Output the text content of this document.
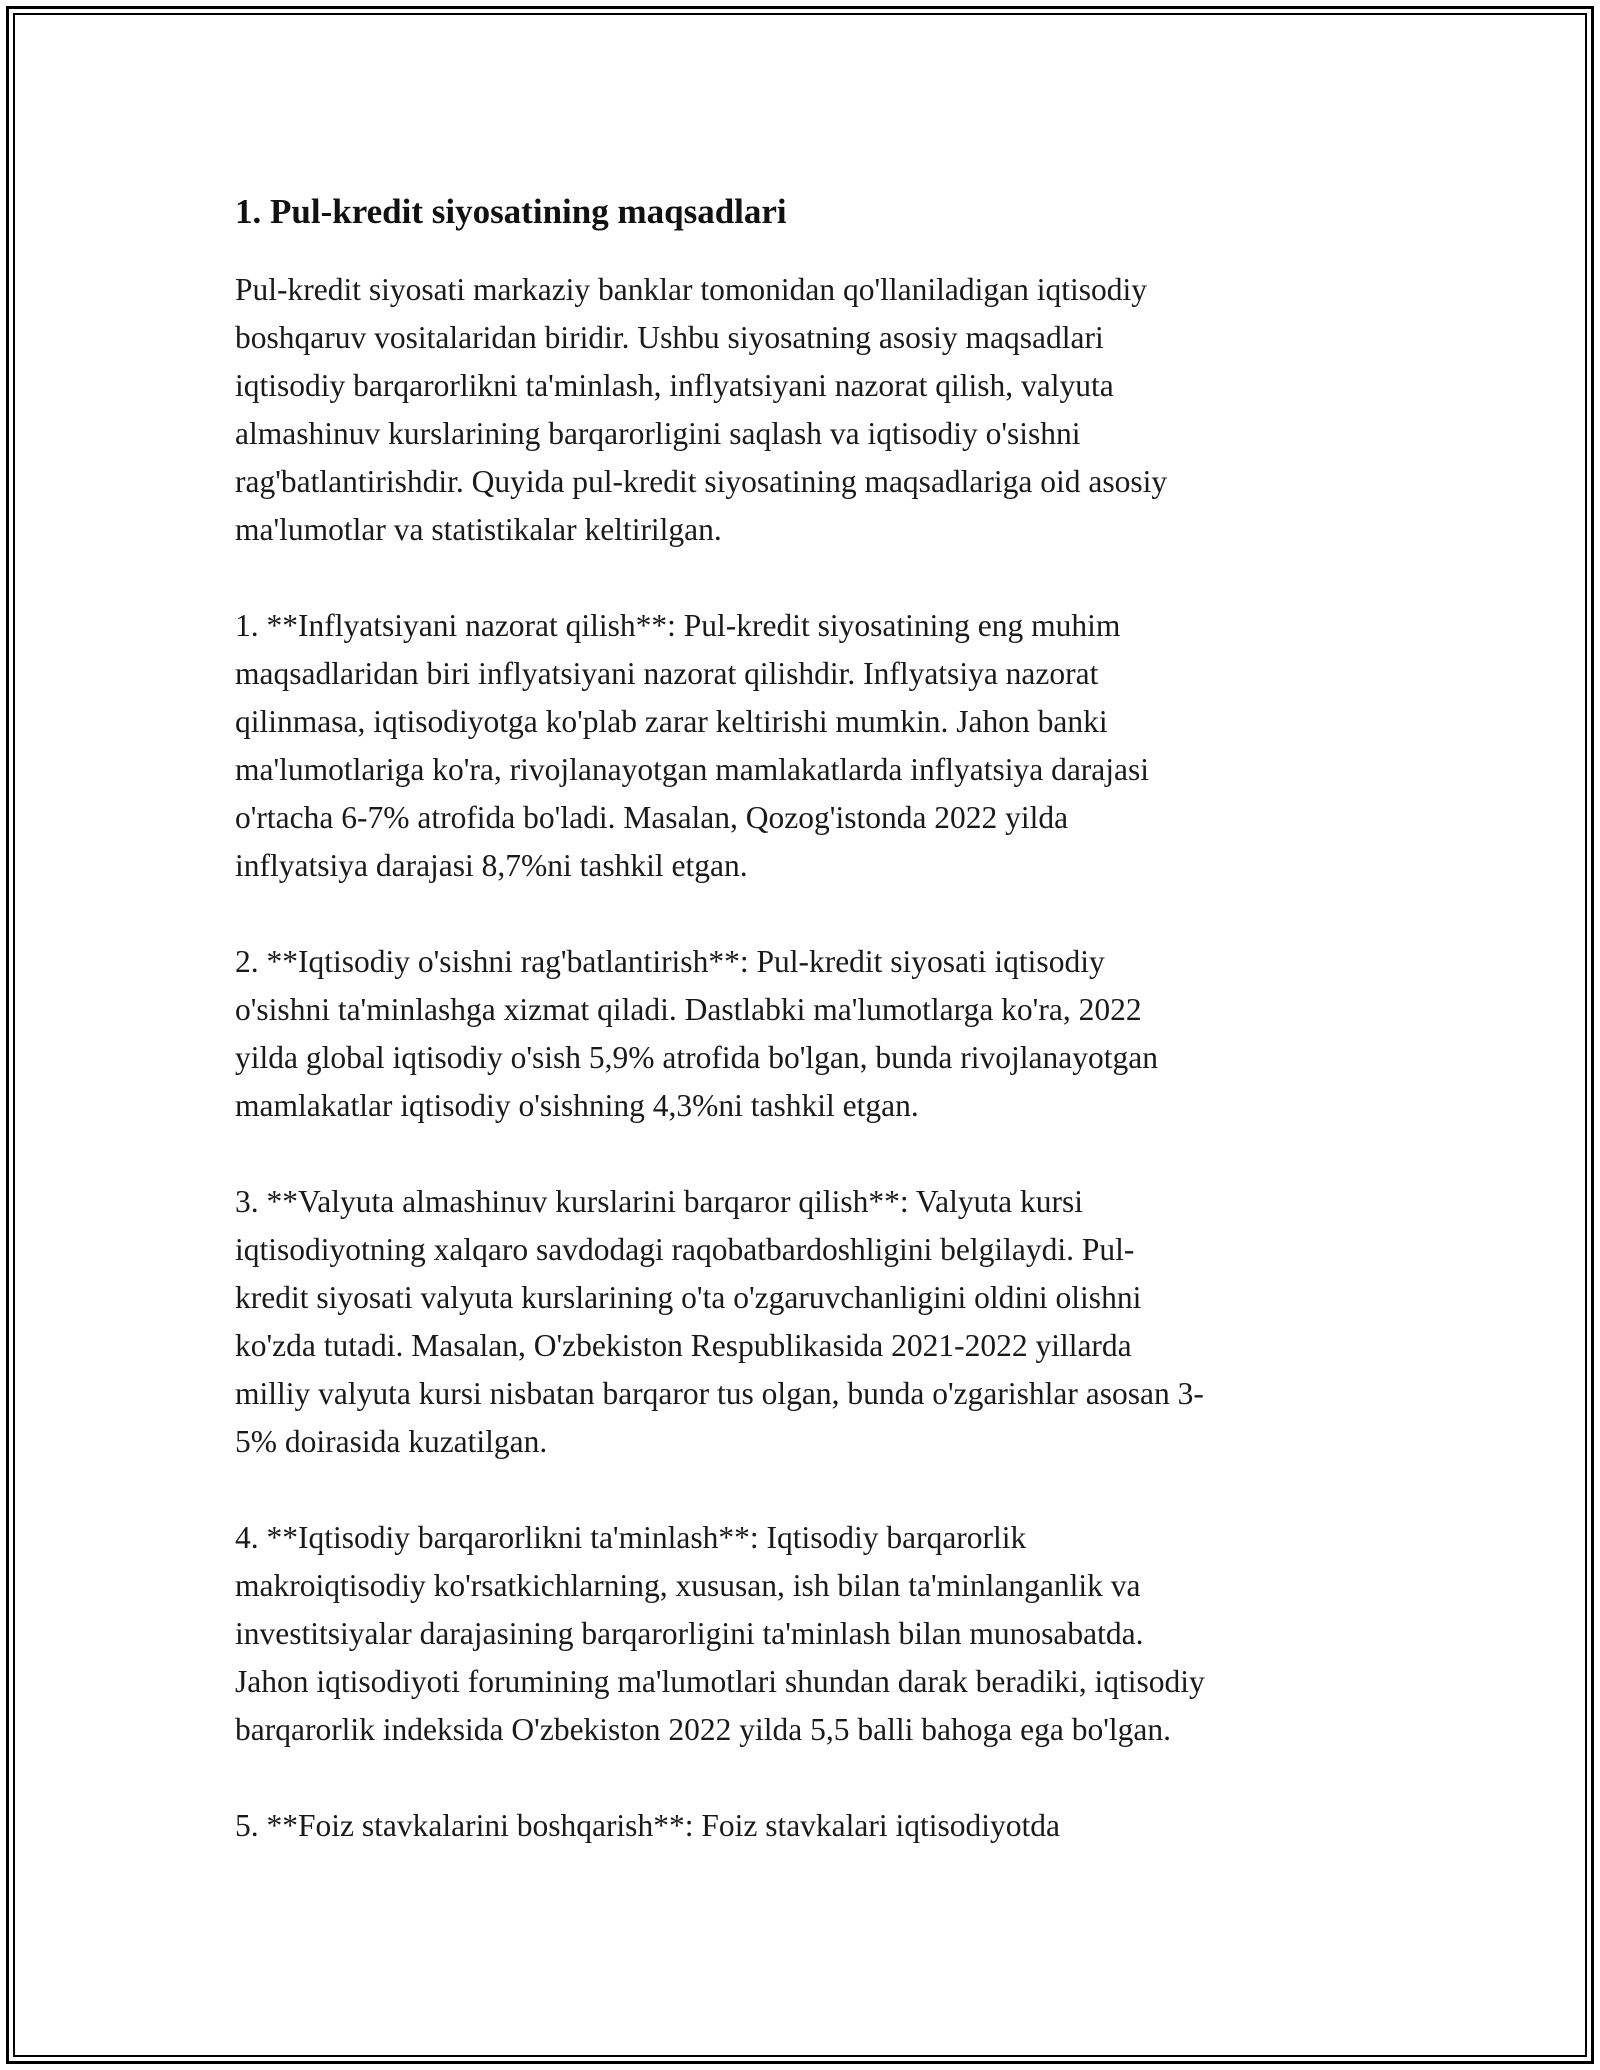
1. Pul-kredit siyosatining maqsadlari

Pul-kredit siyosati markaziy banklar tomonidan qo'llaniladigan iqtisodiy
boshqaruv vositalaridan biridir. Ushbu siyosatning asosiy maqsadlari
iqtisodiy barqarorlikni ta'minlash, inflyatsiyani nazorat qilish, valyuta
almashinuv kurslarining barqarorligini saqlash va iqtisodiy o'sishni
rag'batlantirishdir. Quyida pul-kredit siyosatining maqsadlariga oid asosiy
ma'lumotlar va statistikalar keltirilgan.

1. **Inflyatsiyani nazorat qilish**: Pul-kredit siyosatining eng muhim
maqsadlaridan biri inflyatsiyani nazorat qilishdir. Inflyatsiya nazorat
qilinmasa, iqtisodiyotga ko'plab zarar keltirishi mumkin. Jahon banki
ma'lumotlariga ko'ra, rivojlanayotgan mamlakatlarda inflyatsiya darajasi
o'rtacha 6-7% atrofida bo'ladi. Masalan, Qozog'istonda 2022 yilda
inflyatsiya darajasi 8,7%ni tashkil etgan.

2. **Iqtisodiy o'sishni rag'batlantirish**: Pul-kredit siyosati iqtisodiy
o'sishni ta'minlashga xizmat qiladi. Dastlabki ma'lumotlarga ko'ra, 2022
yilda global iqtisodiy o'sish 5,9% atrofida bo'lgan, bunda rivojlanayotgan
mamlakatlar iqtisodiy o'sishning 4,3%ni tashkil etgan.

3. **Valyuta almashinuv kurslarini barqaror qilish**: Valyuta kursi
iqtisodiyotning xalqaro savdodagi raqobatbardoshligini belgilaydi. Pul-
kredit siyosati valyuta kurslarining o'ta o'zgaruvchanligini oldini olishni
ko'zda tutadi. Masalan, O'zbekiston Respublikasida 2021-2022 yillarda
milliy valyuta kursi nisbatan barqaror tus olgan, bunda o'zgarishlar asosan 3-
5% doirasida kuzatilgan.

4. **Iqtisodiy barqarorlikni ta'minlash**: Iqtisodiy barqarorlik
makroiqtisodiy ko'rsatkichlarning, xususan, ish bilan ta'minlanganlik va
investitsiyalar darajasining barqarorligini ta'minlash bilan munosabatda.
Jahon iqtisodiyoti forumining ma'lumotlari shundan darak beradiki, iqtisodiy
barqarorlik indeksida O'zbekiston 2022 yilda 5,5 balli bahoga ega bo'lgan.

5. **Foiz stavkalarini boshqarish**: Foiz stavkalari iqtisodiyotda
